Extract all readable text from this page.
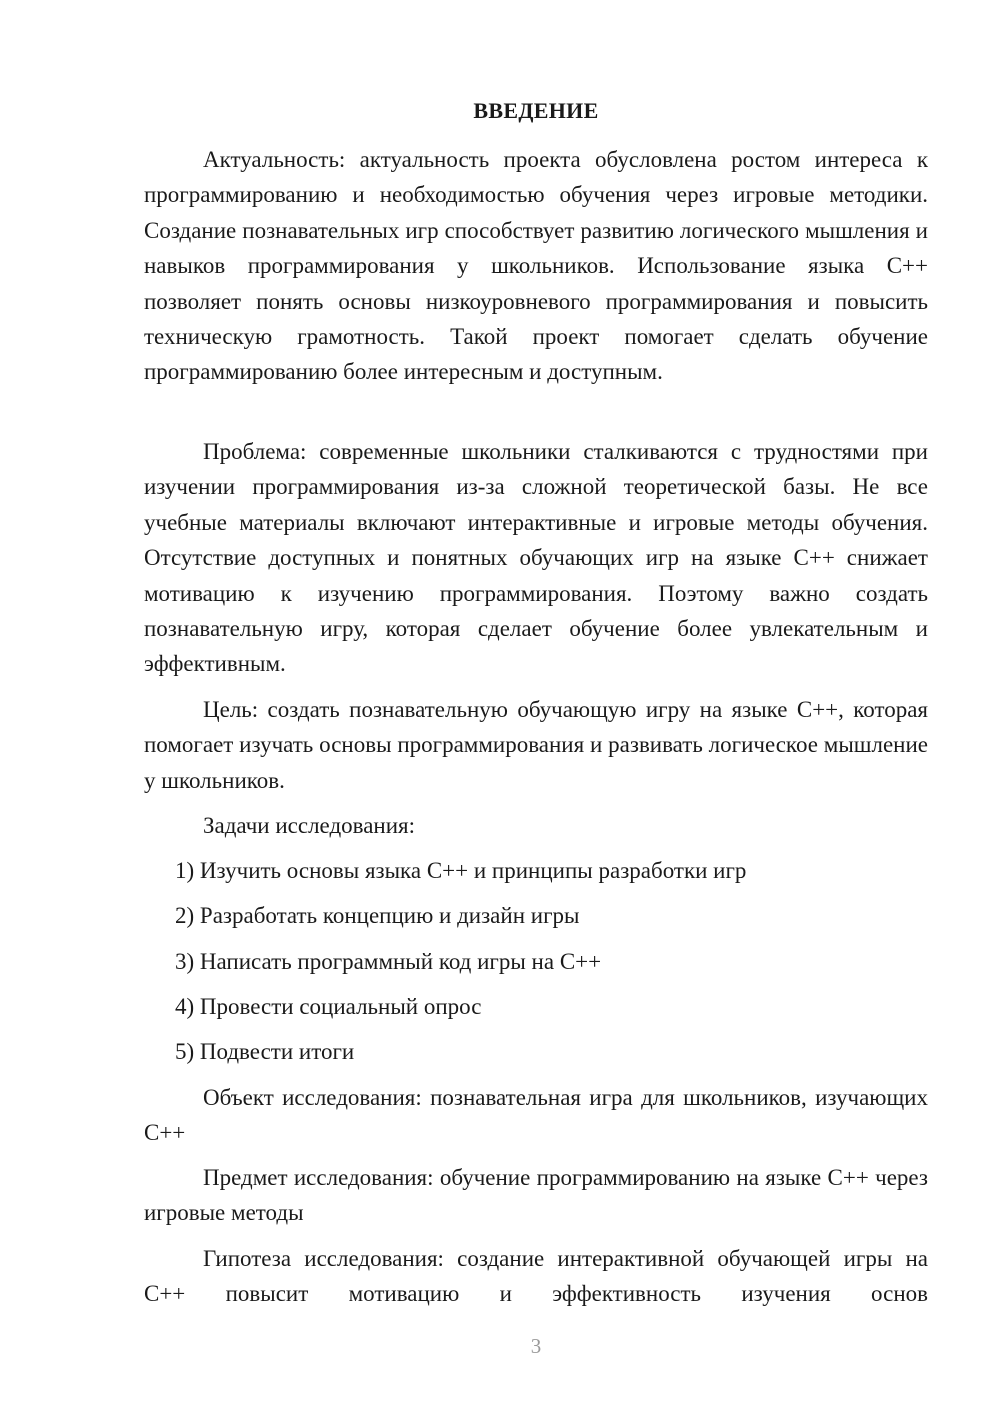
ВВЕДЕНИЕ

Актуальность: актуальность проекта обусловлена ростом интереса к программированию и необходимостью обучения через игровые методики. Создание познавательных игр способствует развитию логического мышления и навыков программирования у школьников. Использование языка C++ позволяет понять основы низкоуровневого программирования и повысить техническую грамотность. Такой проект помогает сделать обучение программированию более интересным и доступным.

Проблема: современные школьники сталкиваются с трудностями при изучении программирования из-за сложной теоретической базы. Не все учебные материалы включают интерактивные и игровые методы обучения. Отсутствие доступных и понятных обучающих игр на языке C++ снижает мотивацию к изучению программирования. Поэтому важно создать познавательную игру, которая сделает обучение более увлекательным и эффективным.

Цель: создать познавательную обучающую игру на языке C++, которая помогает изучать основы программирования и развивать логическое мышление у школьников.

Задачи исследования:

1) Изучить основы языка C++ и принципы разработки игр

2) Разработать концепцию и дизайн игры

3) Написать программный код игры на C++

4) Провести социальный опрос

5) Подвести итоги

Объект исследования: познавательная игра для школьников, изучающих C++

Предмет исследования: обучение программированию на языке C++ через игровые методы

Гипотеза исследования: создание интерактивной обучающей игры на C++ повысит мотивацию и эффективность изучения основ

3
